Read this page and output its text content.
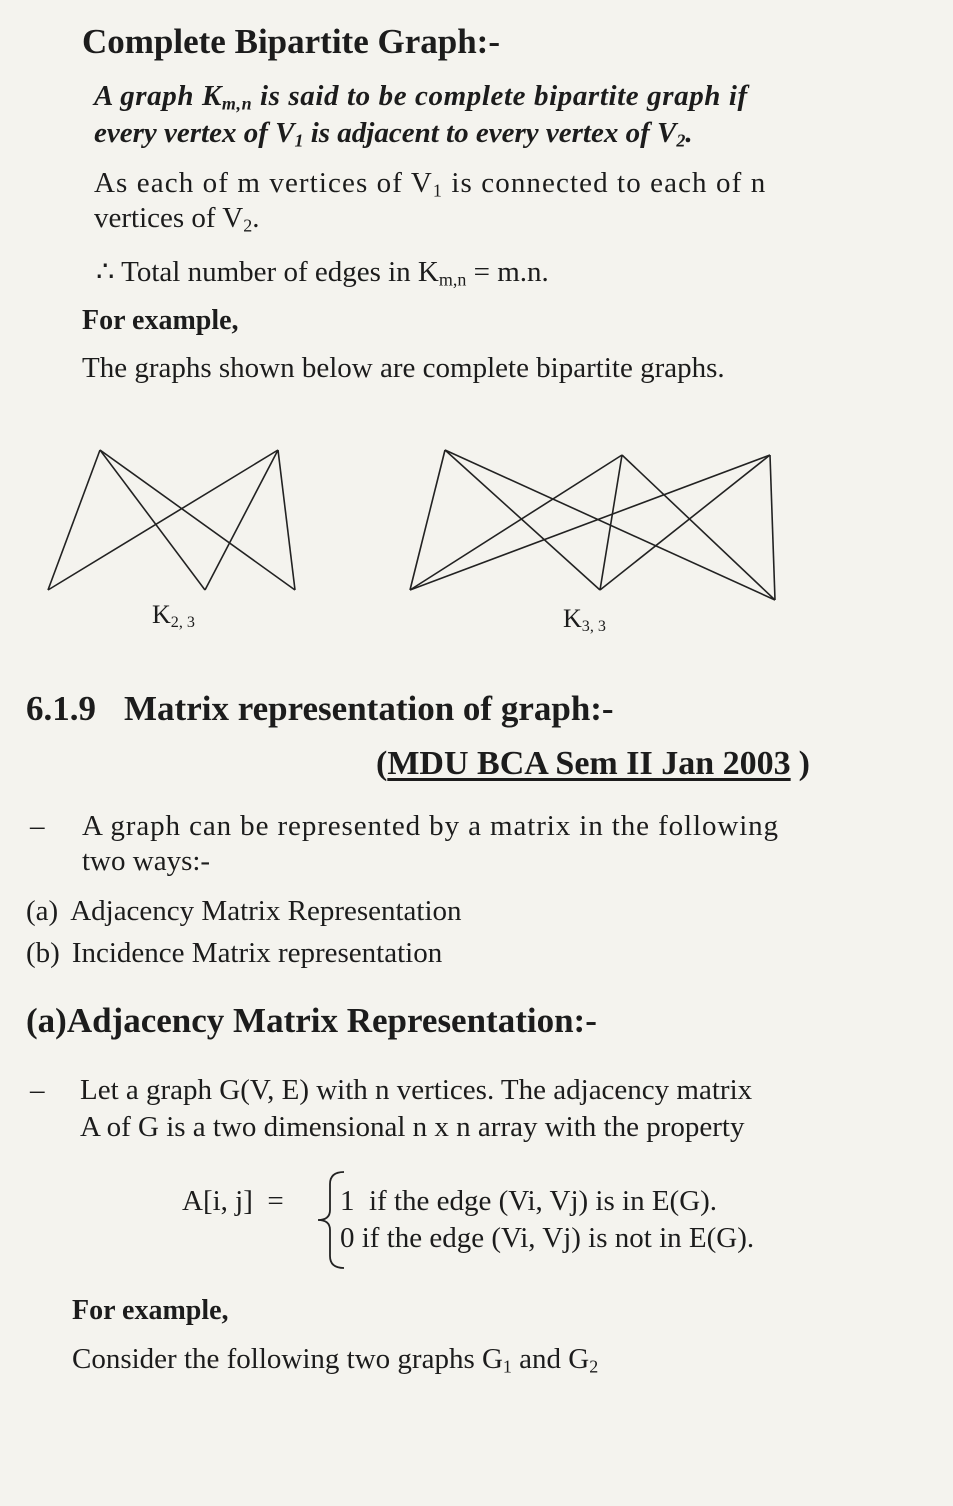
Complete Bipartite Graph:-
A graph $K_{m,n}$ is said to be complete bipartite graph if
every vertex of $V_1$ is adjacent to every vertex of $V_2$.
As each of m vertices of $V_1$ is connected to each of n
vertices of $V_2$.
∴ Total number of edges in $K_{m,n} = m.n$.
For example,
The graphs shown below are complete bipartite graphs.
$K_{2, 3}$	$K_{3, 3}$
6.1.9 Matrix representation of graph:-
(MDU BCA Sem II Jan 2003 )
– A graph can be represented by a matrix in the following
two ways:-
(a) Adjacency Matrix Representation
(b) Incidence Matrix representation
(a)Adjacency Matrix Representation:-
– Let a graph G(V, E) with n vertices. The adjacency matrix
A of G is a two dimensional n x n array with the property
A[i, j]  = 1  if the edge (Vi, Vj) is in E(G).
0 if the edge (Vi, Vj) is not in E(G).
For example,
Consider the following two graphs $G_1$ and $G_2$
